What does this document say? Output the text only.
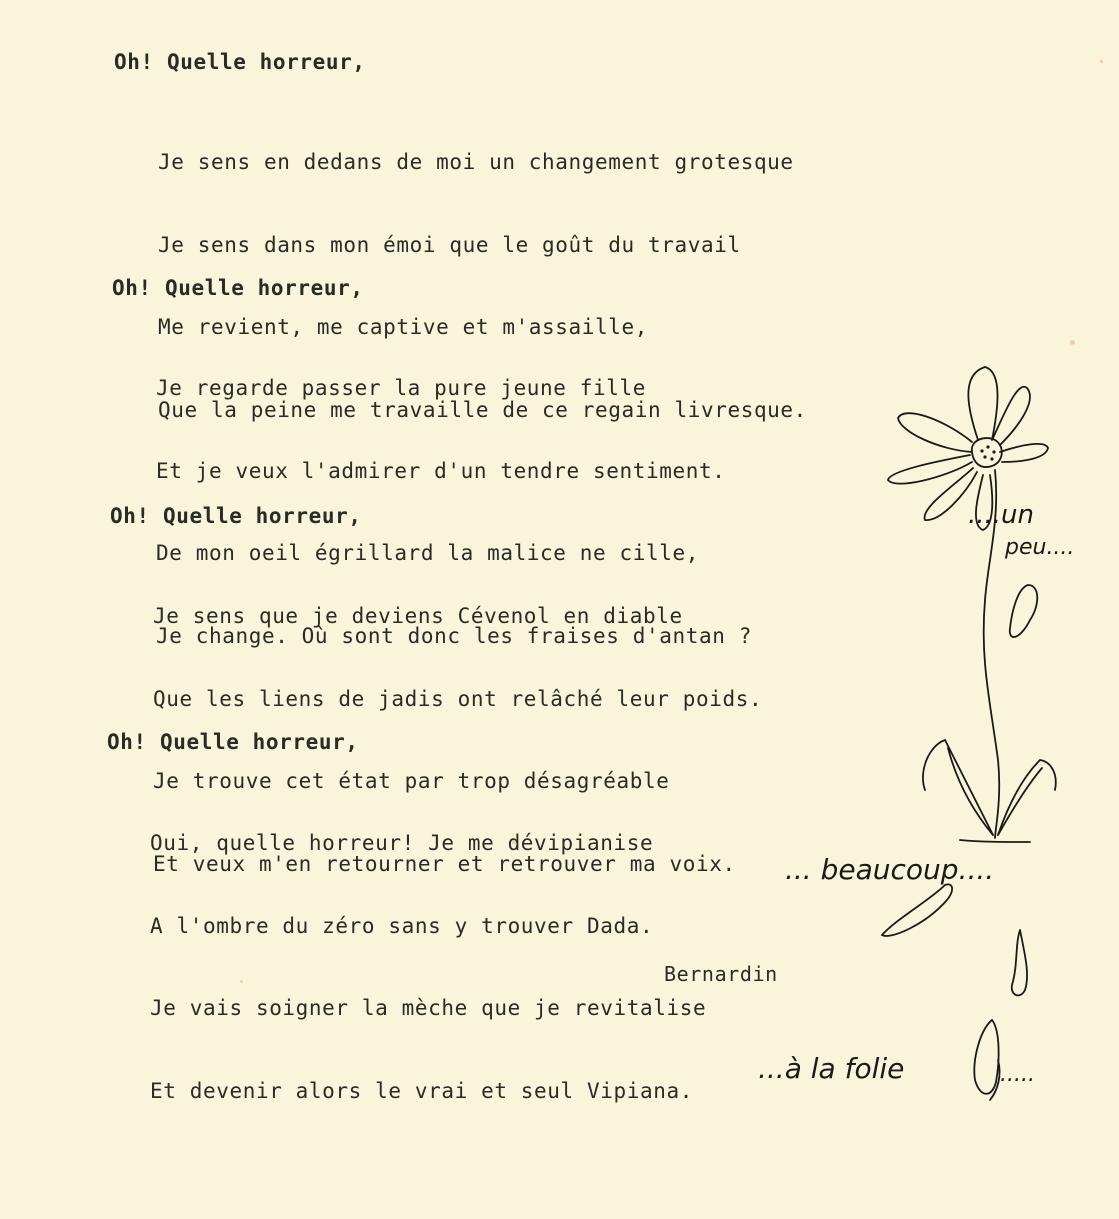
Oh! Quelle horreur,

Je sens en dedans de moi un changement grotesque

Je sens dans mon émoi que le goût du travail

Me revient, me captive et m'assaille,

Que la peine me travaille de ce regain livresque.

Oh! Quelle horreur,

Je regarde passer la pure jeune fille

Et je veux l'admirer d'un tendre sentiment.

De mon oeil égrillard la malice ne cille,

Je change. Où sont donc les fraises d'antan ?

Oh! Quelle horreur,

Je sens que je deviens Cévenol en diable

Que les liens de jadis ont relâché leur poids.

Je trouve cet état par trop désagréable

Et veux m'en retourner et retrouver ma voix.

Oh! Quelle horreur,

Oui, quelle horreur! Je me dévipianise

A l'ombre du zéro sans y trouver Dada.

Je vais soigner la mèche que je revitalise

Et devenir alors le vrai et seul Vipiana.

Bernardin
....un
peu....
... beaucoup....
...à la folie	.....
